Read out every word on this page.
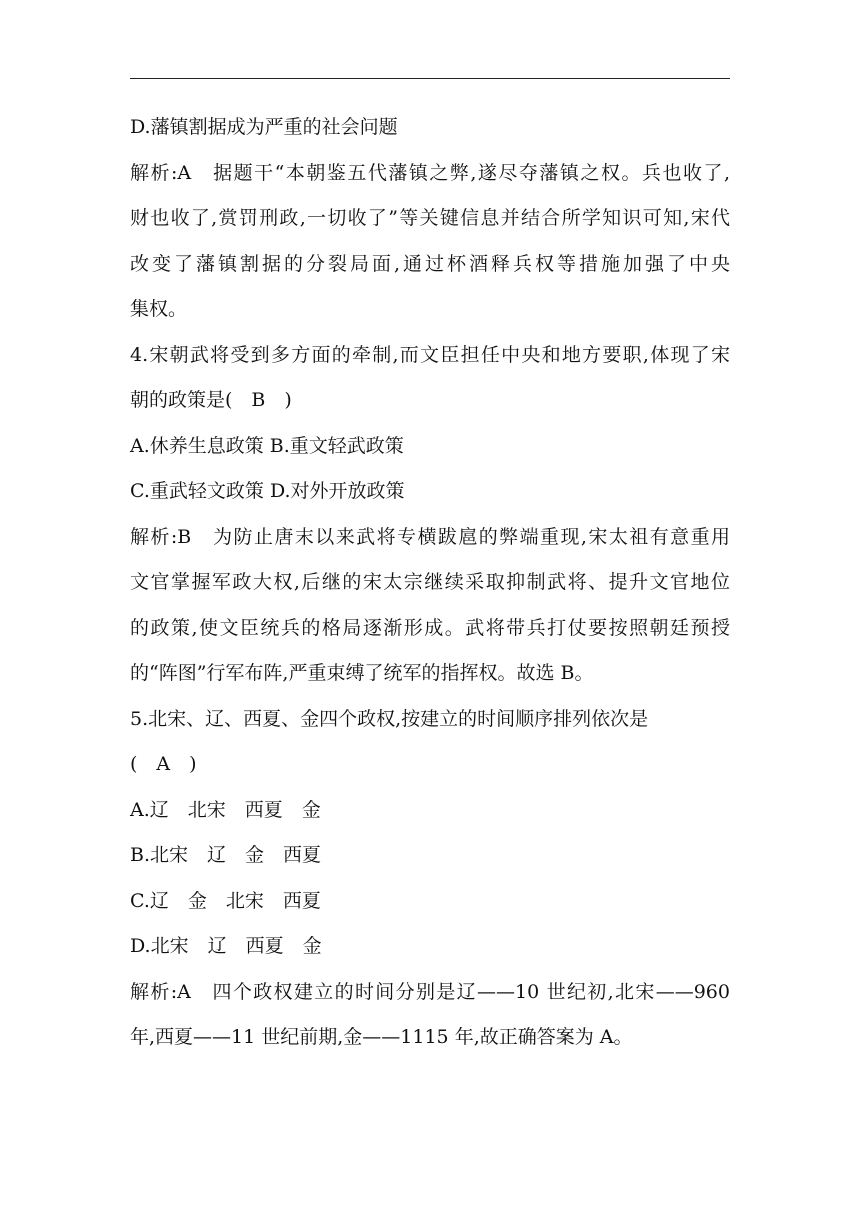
D.藩镇割据成为严重的社会问题
解析:A　据题干“本朝鉴五代藩镇之弊,遂尽夺藩镇之权。兵也收了,
财也收了,赏罚刑政,一切收了”等关键信息并结合所学知识可知,宋代
改变了藩镇割据的分裂局面,通过杯酒释兵权等措施加强了中央
集权。
4.宋朝武将受到多方面的牵制,而文臣担任中央和地方要职,体现了宋
朝的政策是(　B　)
A.休养生息政策 B.重文轻武政策
C.重武轻文政策 D.对外开放政策
解析:B　为防止唐末以来武将专横跋扈的弊端重现,宋太祖有意重用
文官掌握军政大权,后继的宋太宗继续采取抑制武将、提升文官地位
的政策,使文臣统兵的格局逐渐形成。武将带兵打仗要按照朝廷预授
的“阵图”行军布阵,严重束缚了统军的指挥权。故选 B。
5.北宋、辽、西夏、金四个政权,按建立的时间顺序排列依次是
(　A　)
A.辽　北宋　西夏　金
B.北宋　辽　金　西夏
C.辽　金　北宋　西夏
D.北宋　辽　西夏　金
解析:A　四个政权建立的时间分别是辽——10 世纪初,北宋——960
年,西夏——11 世纪前期,金——1115 年,故正确答案为 A。
